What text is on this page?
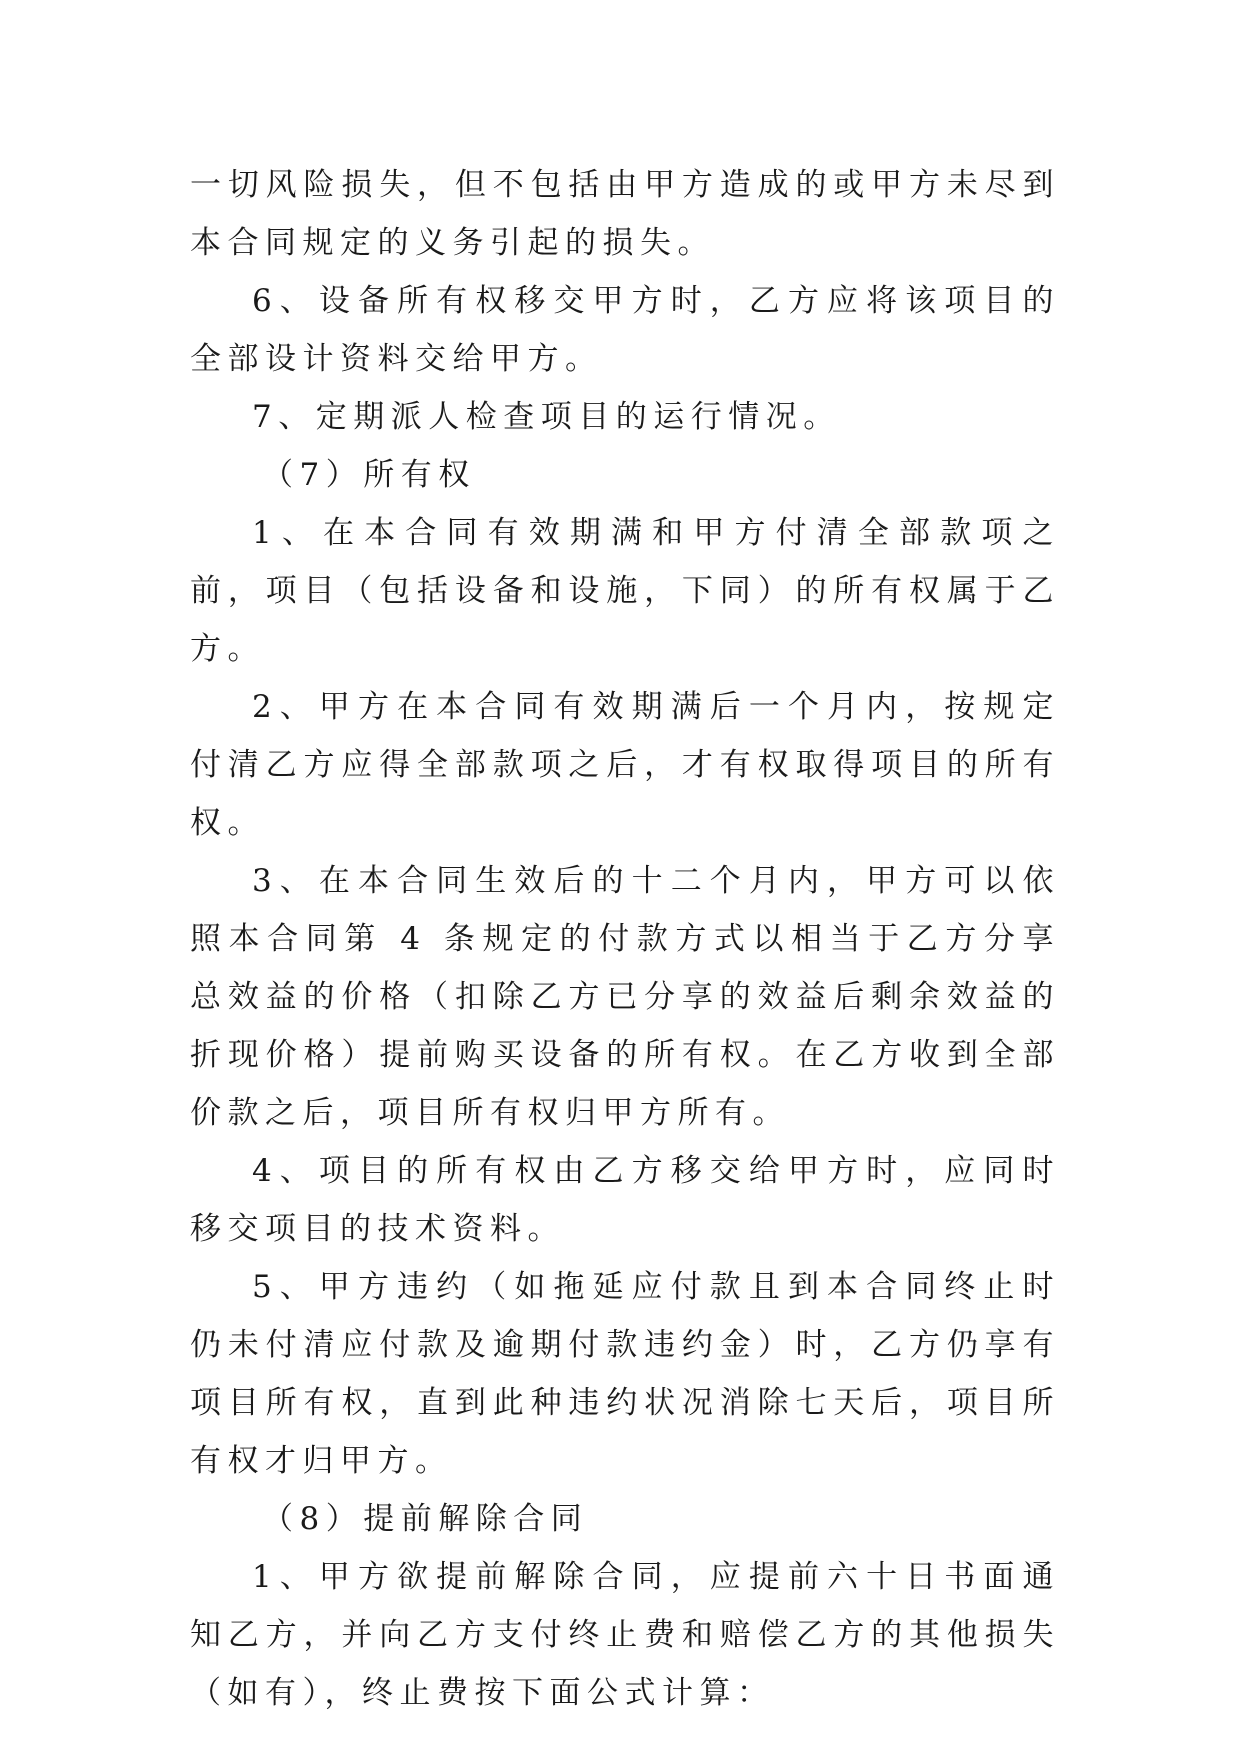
一切风险损失，但不包括由甲方造成的或甲方未尽到本合同规定的义务引起的损失。

6、设备所有权移交甲方时，乙方应将该项目的全部设计资料交给甲方。

7、定期派人检查项目的运行情况。

（7）所有权

1、在本合同有效期满和甲方付清全部款项之前，项目（包括设备和设施，下同）的所有权属于乙方。

2、甲方在本合同有效期满后一个月内，按规定付清乙方应得全部款项之后，才有权取得项目的所有权。

3、在本合同生效后的十二个月内，甲方可以依照本合同第 4 条规定的付款方式以相当于乙方分享总效益的价格（扣除乙方已分享的效益后剩余效益的折现价格）提前购买设备的所有权。在乙方收到全部价款之后，项目所有权归甲方所有。

4、项目的所有权由乙方移交给甲方时，应同时移交项目的技术资料。

5、甲方违约（如拖延应付款且到本合同终止时仍未付清应付款及逾期付款违约金）时，乙方仍享有项目所有权，直到此种违约状况消除七天后，项目所有权才归甲方。

（8）提前解除合同

1、甲方欲提前解除合同，应提前六十日书面通知乙方，并向乙方支付终止费和赔偿乙方的其他损失（如有），终止费按下面公式计算：
